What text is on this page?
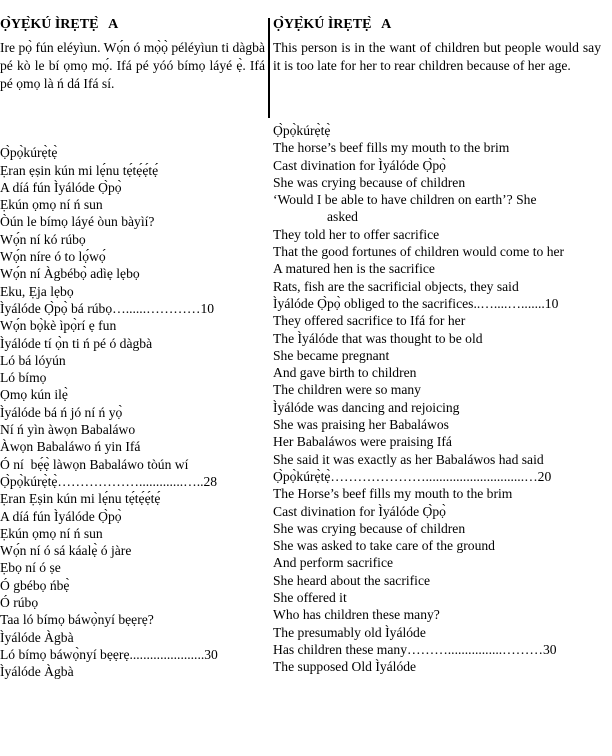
Ọ̀YẸ̀KÚ ÌRẸTẸ̀   A
Ire pọ̀ fún eléyìun. Wọ́n ó mọ̀ọ̀ péléyìun ti dàgbà pé kò le bí ọmọ mọ́. Ifá pé yóó bímọ láyé ẹ̀. Ifá pé ọmọ là ń dá Ifá sí.
Ọ̀pọ̀kúrẹ̀tẹ̀
Ẹran ẹṣin kún mi lẹ́nu tẹ́tẹ́ẹ́tẹ́
A díá fún Ìyálóde Ọ̀pọ̀
Ẹkún ọmọ ní ń sun
Òún le bímọ láyé òun bàyìí?
Wọ́n ní kó rúbọ
Wọ́n níre ó to lọ́wọ́
Wọ́n ní Àgbébọ̀ adìẹ lẹbọ
Eku, Ẹja lẹbọ
Ìyálóde Ọ̀pọ̀ bá rúbọ…......…………10
Wọ́n bọ̀kè ìpọ̀rí ẹ fun
Ìyálóde tí ọ̀n ti ń pé ó dàgbà
Ló bá lóyún
Ló bímọ
Ọmọ kún ilẹ̀
Ìyálóde bá ń jó ní ń yọ̀
Ní ń yìn àwọn Babaláwo
Àwọn Babaláwo ń yin Ifá
Ó ní  bẹ́ẹ̀ làwọn Babaláwo tòún wí
Ọ̀pọ̀kúrẹ̀tẹ̀……………….............…..28
Ẹran Ẹṣin kún mi lẹ́nu tẹ́tẹ́ẹ́tẹ́
A díá fún Ìyálóde Ọ̀pọ̀
Ẹkún ọmọ ní ń sun
Wọ́n ní ó sá káalẹ̀ ó jàre
Ẹbọ ní ó ṣe
Ó gbébọ ńbẹ̀
Ó rúbọ
Taa ló bímọ báwọ̀nyí bẹẹrẹ?
Ìyálóde Àgbà
Ló bímọ báwọ̀nyí bẹẹrẹ......................30
Ìyálóde Àgbà
Ọ̀YẸ̀KÚ ÌRẸTẸ̀   A
This person is in the want of children but people would say it is too late for her to rear children because of her age.
Ọ̀pọ̀kúrẹ̀tẹ̀
The horse’s beef fills my mouth to the brim
Cast divination for Ìyálóde Ọ̀pọ̀
She was crying because of children
‘Would I be able to have children on earth’? She
asked
They told her to offer sacrifice
That the good fortunes of children would come to her
A matured hen is the sacrifice
Rats, fish are the sacrificial objects, they said
Ìyálóde Ọ̀pọ̀ obliged to the sacrifices..…....….......10
They offered sacrifice to Ifá for her
The Ìyálóde that was thought to be old
She became pregnant
And gave birth to children
The children were so many
Ìyálóde was dancing and rejoicing
She was praising her Babaláwos
Her Babaláwos were praising Ifá
She said it was exactly as her Babaláwos had said
Ọ̀pọ̀kúrẹ̀tẹ̀………………….............................…20
The Horse’s beef fills my mouth to the brim
Cast divination for Ìyálóde Ọ̀pọ̀
She was crying because of children
She was asked to take care of the ground
And perform sacrifice
She heard about the sacrifice
She offered it
Who has children these many?
The presumably old Ìyálóde
Has children these many………................………30
The supposed Old Ìyálóde
